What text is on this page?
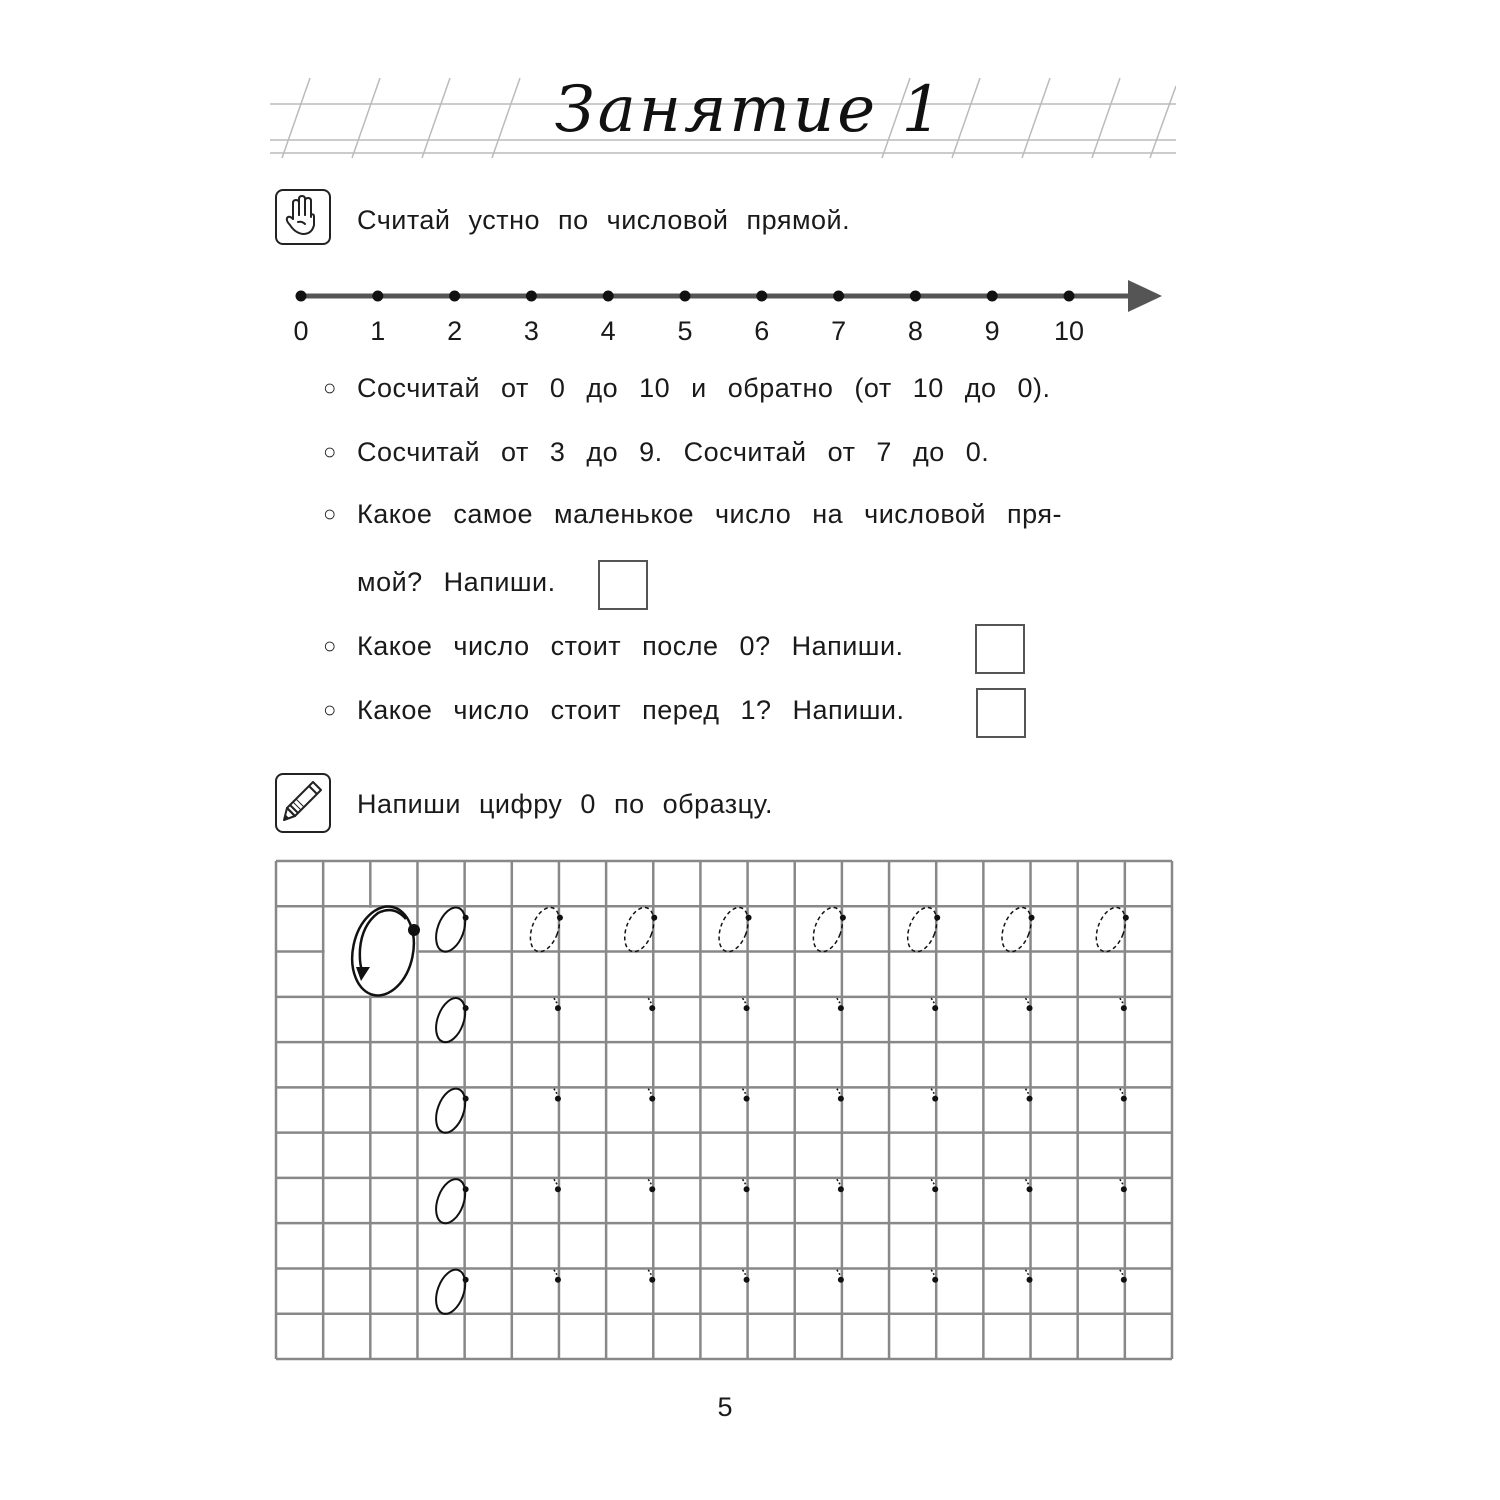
Занятие 1
Считай устно по числовой прямой.
0	1	2	3	4	5	6	7	8	9	10
○ Сосчитай от 0 до 10 и обратно (от 10 до 0).
○ Сосчитай от 3 до 9. Сосчитай от 7 до 0.
○ Какое самое маленькое число на числовой пря-
мой? Напиши.
○ Какое число стоит после 0? Напиши.
○ Какое число стоит перед 1? Напиши.
Напиши цифру 0 по образцу.
5
